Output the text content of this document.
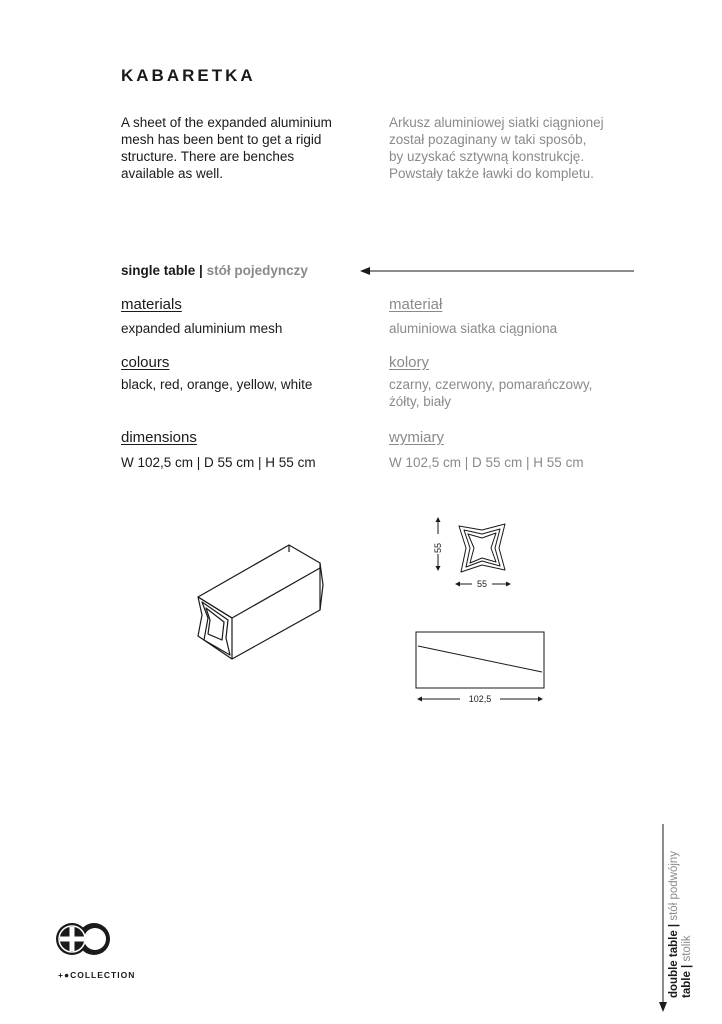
KABARETKA
A sheet of the expanded aluminium mesh has been bent to get a rigid structure. There are benches available as well.
Arkusz aluminiowej siatki ciągnionej został pozaginany w taki sposób, by uzyskać sztywną konstrukcję. Powstały także ławki do kompletu.
single table | stół pojedynczy
materials
expanded aluminium mesh
materiał
aluminiowa siatka ciągniona
colours
black, red, orange, yellow, white
kolory
czarny, czerwony, pomarańczowy, żółty, biały
dimensions
W 102,5 cm | D 55 cm | H 55 cm
wymiary
W 102,5 cm | D 55 cm | H 55 cm
55
55
102,5
+●COLLECTION	double table | stół podwójny
table | stolik
